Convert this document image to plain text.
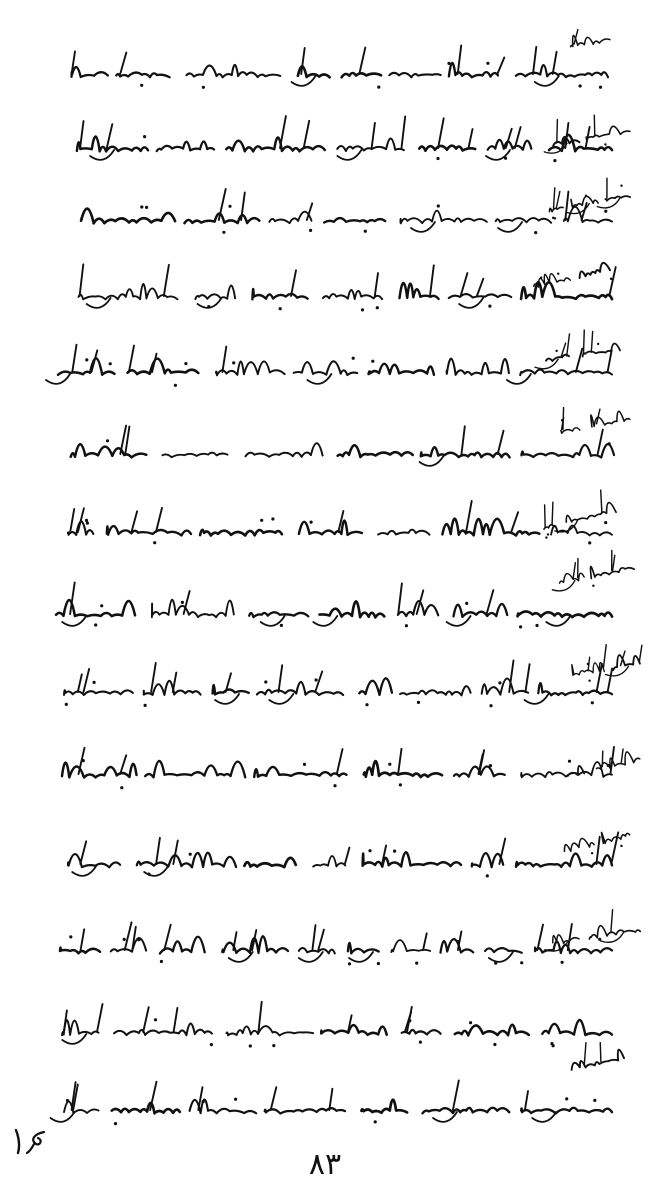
٨٣
